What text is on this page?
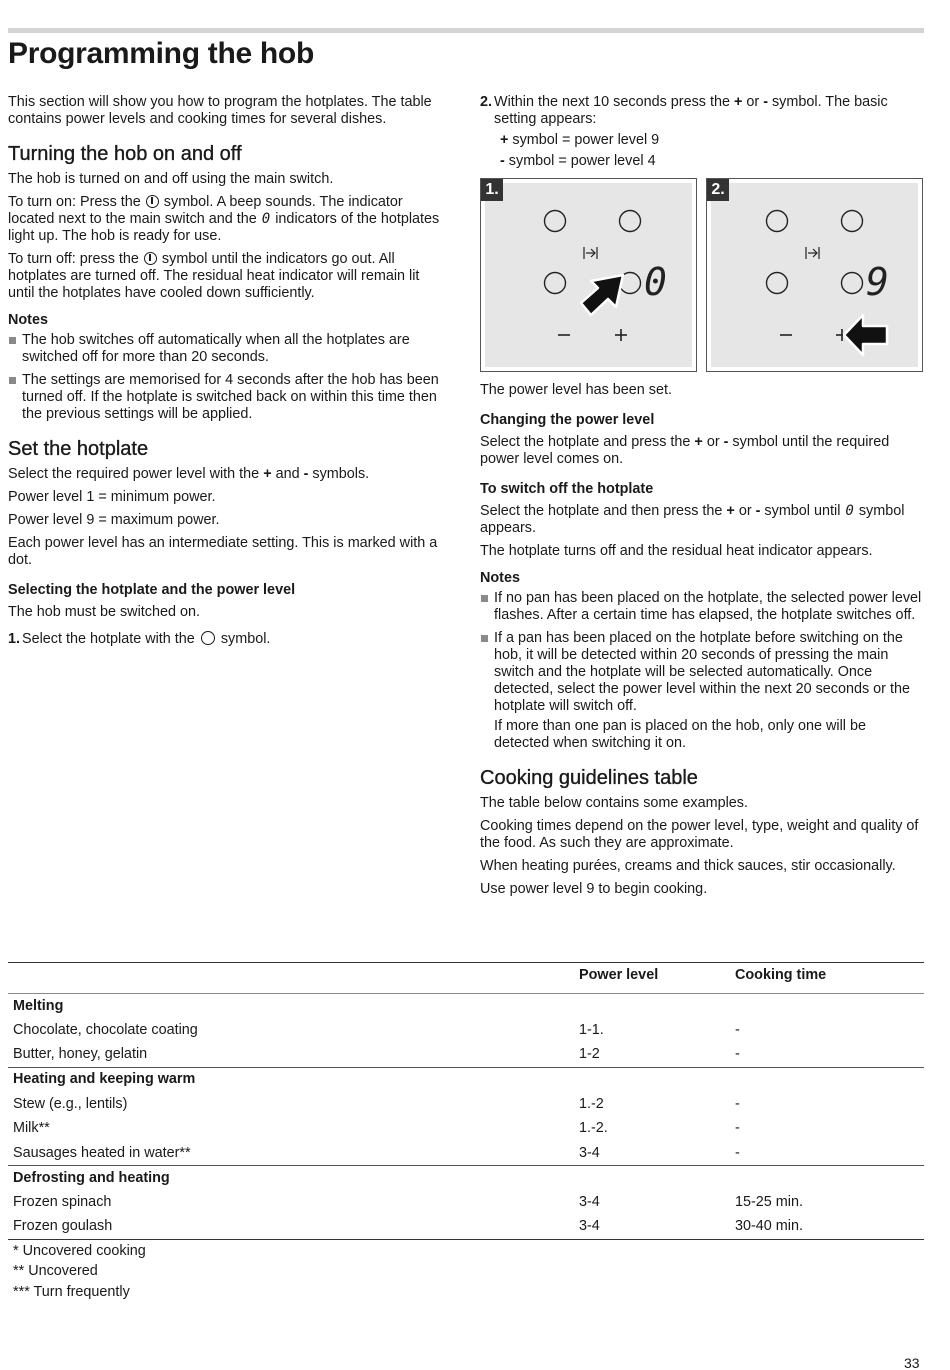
Programming the hob

This section will show you how to program the hotplates. The table contains power levels and cooking times for several dishes.

Turning the hob on and off

The hob is turned on and off using the main switch.

To turn on: Press the symbol. A beep sounds. The indicator located next to the main switch and the 0 indicators of the hotplates light up. The hob is ready for use.

To turn off: press the symbol until the indicators go out. All hotplates are turned off. The residual heat indicator will remain lit until the hotplates have cooled down sufficiently.

Notes
The hob switches off automatically when all the hotplates are switched off for more than 20 seconds.
The settings are memorised for 4 seconds after the hob has been turned off. If the hotplate is switched back on within this time then the previous settings will be applied.
Set the hotplate

Select the required power level with the + and - symbols.

Power level 1 = minimum power.

Power level 9 = maximum power.

Each power level has an intermediate setting. This is marked with a dot.

Selecting the hotplate and the power level

The hob must be switched on.

1. Select the hotplate with the symbol.
2. Within the next 10 seconds press the + or - symbol. The basic setting appears:
+ symbol = power level 9
- symbol = power level 4
0
1.
9
2.

The power level has been set.

Changing the power level

Select the hotplate and press the + or - symbol until the required power level comes on.

To switch off the hotplate

Select the hotplate and then press the + or - symbol until 0 symbol appears.

The hotplate turns off and the residual heat indicator appears.

Notes
If no pan has been placed on the hotplate, the selected power level flashes. After a certain time has elapsed, the hotplate switches off.
If a pan has been placed on the hotplate before switching on the hob, it will be detected within 20 seconds of pressing the main switch and the hotplate will be selected automatically. Once detected, select the power level within the next 20 seconds or the hotplate will switch off.
If more than one pan is placed on the hob, only one will be detected when switching it on.
Cooking guidelines table

The table below contains some examples.

Cooking times depend on the power level, type, weight and quality of the food. As such they are approximate.

When heating purées, creams and thick sauces, stir occasionally.

Use power level 9 to begin cooking.

	Power level	Cooking time
Melting		
Chocolate, chocolate coating	1-1.	-
Butter, honey, gelatin	1-2	-
Heating and keeping warm		
Stew (e.g., lentils)	1.-2	-
Milk**	1.-2.	-
Sausages heated in water**	3-4	-
Defrosting and heating		
Frozen spinach	3-4	15-25 min.
Frozen goulash	3-4	30-40 min.
* Uncovered cooking
** Uncovered
*** Turn frequently
33
